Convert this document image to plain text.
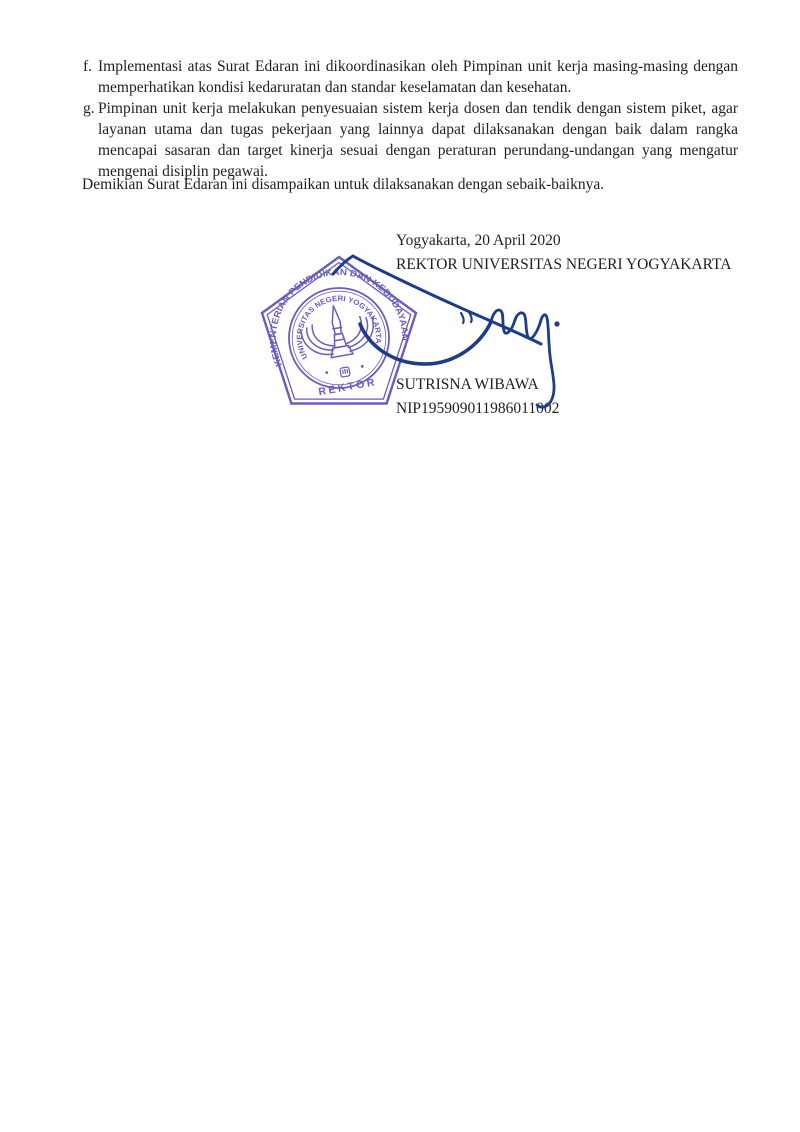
f. Implementasi atas Surat Edaran ini dikoordinasikan oleh Pimpinan unit kerja masing-masing dengan memperhatikan kondisi kedaruratan dan standar keselamatan dan kesehatan.

g. Pimpinan unit kerja melakukan penyesuaian sistem kerja dosen dan tendik dengan sistem piket, agar layanan utama dan tugas pekerjaan yang lainnya dapat dilaksanakan dengan baik dalam rangka mencapai sasaran dan target kinerja sesuai dengan peraturan perundang-undangan yang mengatur mengenai disiplin pegawai.

Demikian Surat Edaran ini disampaikan untuk dilaksanakan dengan sebaik-baiknya.

Yogyakarta, 20 April 2020
REKTOR UNIVERSITAS NEGERI YOGYAKARTA
SUTRISNA WIBAWA
NIP195909011986011002
KEMENTERIAN PENDIDIKAN DAN KEBUDAYAAN
UNIVERSITAS NEGERI YOGYAKARTA
REKTOR
